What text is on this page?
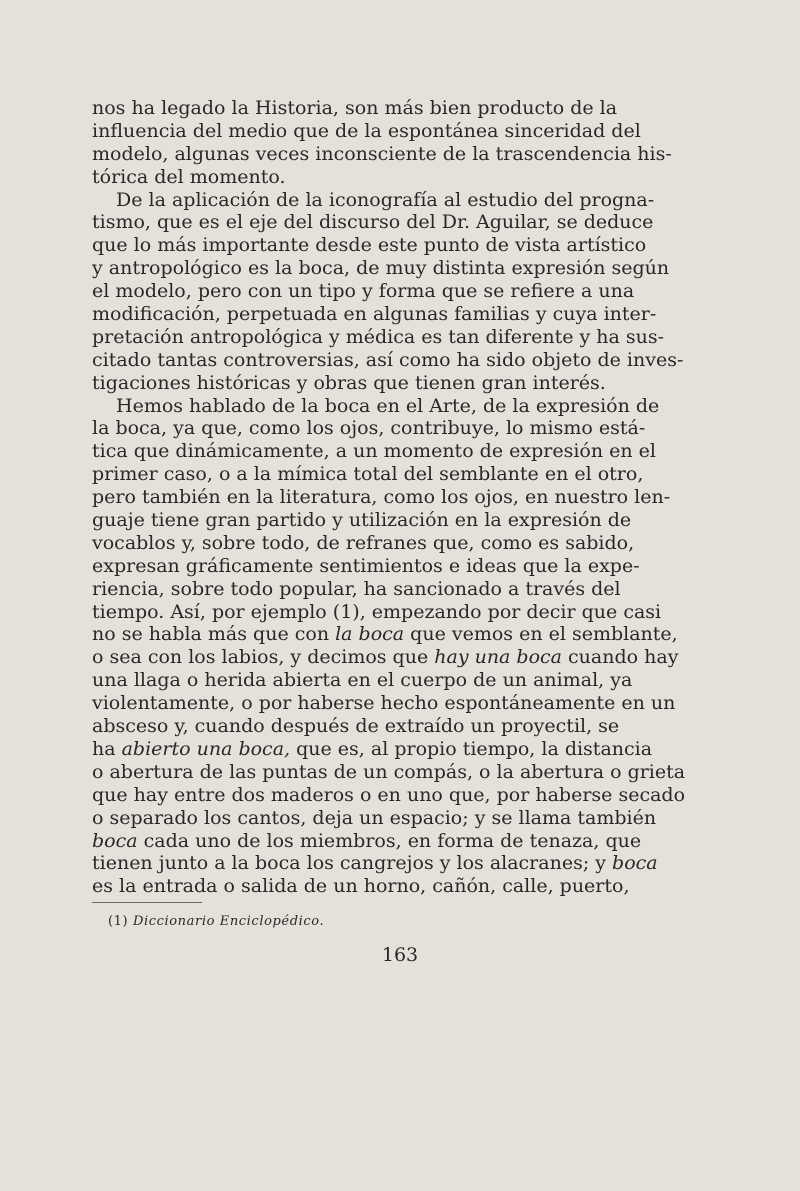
nos ha legado la Historia, son más bien producto de la
influencia del medio que de la espontánea sinceridad del
modelo, algunas veces inconsciente de la trascendencia his-
tórica del momento.
De la aplicación de la iconografía al estudio del progna-
tismo, que es el eje del discurso del Dr. Aguilar, se deduce
que lo más importante desde este punto de vista artístico
y antropológico es la boca, de muy distinta expresión según
el modelo, pero con un tipo y forma que se refiere a una
modificación, perpetuada en algunas familias y cuya inter-
pretación antropológica y médica es tan diferente y ha sus-
citado tantas controversias, así como ha sido objeto de inves-
tigaciones históricas y obras que tienen gran interés.
Hemos hablado de la boca en el Arte, de la expresión de
la boca, ya que, como los ojos, contribuye, lo mismo está-
tica que dinámicamente, a un momento de expresión en el
primer caso, o a la mímica total del semblante en el otro,
pero también en la literatura, como los ojos, en nuestro len-
guaje tiene gran partido y utilización en la expresión de
vocablos y, sobre todo, de refranes que, como es sabido,
expresan gráficamente sentimientos e ideas que la expe-
riencia, sobre todo popular, ha sancionado a través del
tiempo. Así, por ejemplo (1), empezando por decir que casi
no se habla más que con la boca que vemos en el semblante,
o sea con los labios, y decimos que hay una boca cuando hay
una llaga o herida abierta en el cuerpo de un animal, ya
violentamente, o por haberse hecho espontáneamente en un
absceso y, cuando después de extraído un proyectil, se
ha abierto una boca, que es, al propio tiempo, la distancia
o abertura de las puntas de un compás, o la abertura o grieta
que hay entre dos maderos o en uno que, por haberse secado
o separado los cantos, deja un espacio; y se llama también
boca cada uno de los miembros, en forma de tenaza, que
tienen junto a la boca los cangrejos y los alacranes; y boca
es la entrada o salida de un horno, cañón, calle, puerto,
(1) Diccionario Enciclopédico.
163
